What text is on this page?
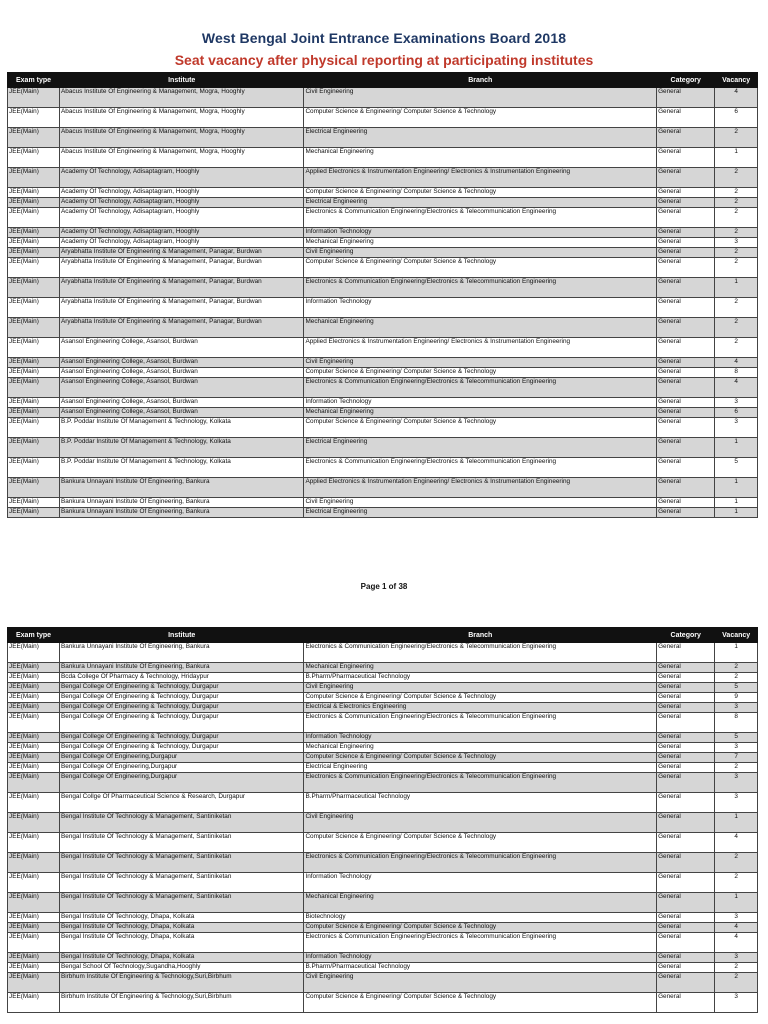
West Bengal Joint Entrance Examinations Board 2018
Seat vacancy after physical reporting at participating institutes
Exam type	Institute	Branch	Category	Vacancy
JEE(Main)	Abacus Institute Of Engineering & Management, Mogra, Hooghly	Civil Engineering	General	4
JEE(Main)	Abacus Institute Of Engineering & Management, Mogra, Hooghly	Computer Science & Engineering/ Computer Science & Technology	General	6
JEE(Main)	Abacus Institute Of Engineering & Management, Mogra, Hooghly	Electrical Engineering	General	2
JEE(Main)	Abacus Institute Of Engineering & Management, Mogra, Hooghly	Mechanical Engineering	General	1
JEE(Main)	Academy Of Technology, Adisaptagram, Hooghly	Applied Electronics & Instrumentation Engineering/ Electronics & Instrumentation Engineering	General	2
JEE(Main)	Academy Of Technology, Adisaptagram, Hooghly	Computer Science & Engineering/ Computer Science & Technology	General	2
JEE(Main)	Academy Of Technology, Adisaptagram, Hooghly	Electrical Engineering	General	2
JEE(Main)	Academy Of Technology, Adisaptagram, Hooghly	Electronics & Communication Engineering/Electronics & Telecommunication Engineering	General	2
JEE(Main)	Academy Of Technology, Adisaptagram, Hooghly	Information Technology	General	2
JEE(Main)	Academy Of Technology, Adisaptagram, Hooghly	Mechanical Engineering	General	3
JEE(Main)	Aryabhatta Institute Of Engineering & Management, Panagar, Burdwan	Civil Engineering	General	2
JEE(Main)	Aryabhatta Institute Of Engineering & Management, Panagar, Burdwan	Computer Science & Engineering/ Computer Science & Technology	General	2
JEE(Main)	Aryabhatta Institute Of Engineering & Management, Panagar, Burdwan	Electronics & Communication Engineering/Electronics & Telecommunication Engineering	General	1
JEE(Main)	Aryabhatta Institute Of Engineering & Management, Panagar, Burdwan	Information Technology	General	2
JEE(Main)	Aryabhatta Institute Of Engineering & Management, Panagar, Burdwan	Mechanical Engineering	General	2
JEE(Main)	Asansol Engineering College, Asansol, Burdwan	Applied Electronics & Instrumentation Engineering/ Electronics & Instrumentation Engineering	General	2
JEE(Main)	Asansol Engineering College, Asansol, Burdwan	Civil Engineering	General	4
JEE(Main)	Asansol Engineering College, Asansol, Burdwan	Computer Science & Engineering/ Computer Science & Technology	General	8
JEE(Main)	Asansol Engineering College, Asansol, Burdwan	Electronics & Communication Engineering/Electronics & Telecommunication Engineering	General	4
JEE(Main)	Asansol Engineering College, Asansol, Burdwan	Information Technology	General	3
JEE(Main)	Asansol Engineering College, Asansol, Burdwan	Mechanical Engineering	General	6
JEE(Main)	B.P. Poddar Institute Of Management & Technology, Kolkata	Computer Science & Engineering/ Computer Science & Technology	General	3
JEE(Main)	B.P. Poddar Institute Of Management & Technology, Kolkata	Electrical Engineering	General	1
JEE(Main)	B.P. Poddar Institute Of Management & Technology, Kolkata	Electronics & Communication Engineering/Electronics & Telecommunication Engineering	General	5
JEE(Main)	Bankura Unnayani Institute Of Engineering, Bankura	Applied Electronics & Instrumentation Engineering/ Electronics & Instrumentation Engineering	General	1
JEE(Main)	Bankura Unnayani Institute Of Engineering, Bankura	Civil Engineering	General	1
JEE(Main)	Bankura Unnayani Institute Of Engineering, Bankura	Electrical Engineering	General	1
Page 1 of 38
Exam type	Institute	Branch	Category	Vacancy
JEE(Main)	Bankura Unnayani Institute Of Engineering, Bankura	Electronics & Communication Engineering/Electronics & Telecommunication Engineering	General	1
JEE(Main)	Bankura Unnayani Institute Of Engineering, Bankura	Mechanical Engineering	General	2
JEE(Main)	Bcda College Of Pharmacy & Technology, Hridaypur	B.Pharm/Pharmaceutical Technology	General	2
JEE(Main)	Bengal College Of Engineering & Technology, Durgapur	Civil Engineering	General	5
JEE(Main)	Bengal College Of Engineering & Technology, Durgapur	Computer Science & Engineering/ Computer Science & Technology	General	9
JEE(Main)	Bengal College Of Engineering & Technology, Durgapur	Electrical & Electronics Engineering	General	3
JEE(Main)	Bengal College Of Engineering & Technology, Durgapur	Electronics & Communication Engineering/Electronics & Telecommunication Engineering	General	8
JEE(Main)	Bengal College Of Engineering & Technology, Durgapur	Information Technology	General	5
JEE(Main)	Bengal College Of Engineering & Technology, Durgapur	Mechanical Engineering	General	3
JEE(Main)	Bengal College Of Engineering,Durgapur	Computer Science & Engineering/ Computer Science & Technology	General	7
JEE(Main)	Bengal College Of Engineering,Durgapur	Electrical Engineering	General	2
JEE(Main)	Bengal College Of Engineering,Durgapur	Electronics & Communication Engineering/Electronics & Telecommunication Engineering	General	3
JEE(Main)	Bengal Collge Of Pharmaceutical Science & Research, Durgapur	B.Pharm/Pharmaceutical Technology	General	3
JEE(Main)	Bengal Institute Of Technology & Management, Santiniketan	Civil Engineering	General	1
JEE(Main)	Bengal Institute Of Technology & Management, Santiniketan	Computer Science & Engineering/ Computer Science & Technology	General	4
JEE(Main)	Bengal Institute Of Technology & Management, Santiniketan	Electronics & Communication Engineering/Electronics & Telecommunication Engineering	General	2
JEE(Main)	Bengal Institute Of Technology & Management, Santiniketan	Information Technology	General	2
JEE(Main)	Bengal Institute Of Technology & Management, Santiniketan	Mechanical Engineering	General	1
JEE(Main)	Bengal Institute Of Technology, Dhapa, Kolkata	Biotechnology	General	3
JEE(Main)	Bengal Institute Of Technology, Dhapa, Kolkata	Computer Science & Engineering/ Computer Science & Technology	General	4
JEE(Main)	Bengal Institute Of Technology, Dhapa, Kolkata	Electronics & Communication Engineering/Electronics & Telecommunication Engineering	General	4
JEE(Main)	Bengal Institute Of Technology, Dhapa, Kolkata	Information Technology	General	3
JEE(Main)	Bengal School Of Technology,Sugandha,Hooghly	B.Pharm/Pharmaceutical Technology	General	2
JEE(Main)	Birbhum Institute Of Engineering & Technology,Suri,Birbhum	Civil Engineering	General	2
JEE(Main)	Birbhum Institute Of Engineering & Technology,Suri,Birbhum	Computer Science & Engineering/ Computer Science & Technology	General	3
